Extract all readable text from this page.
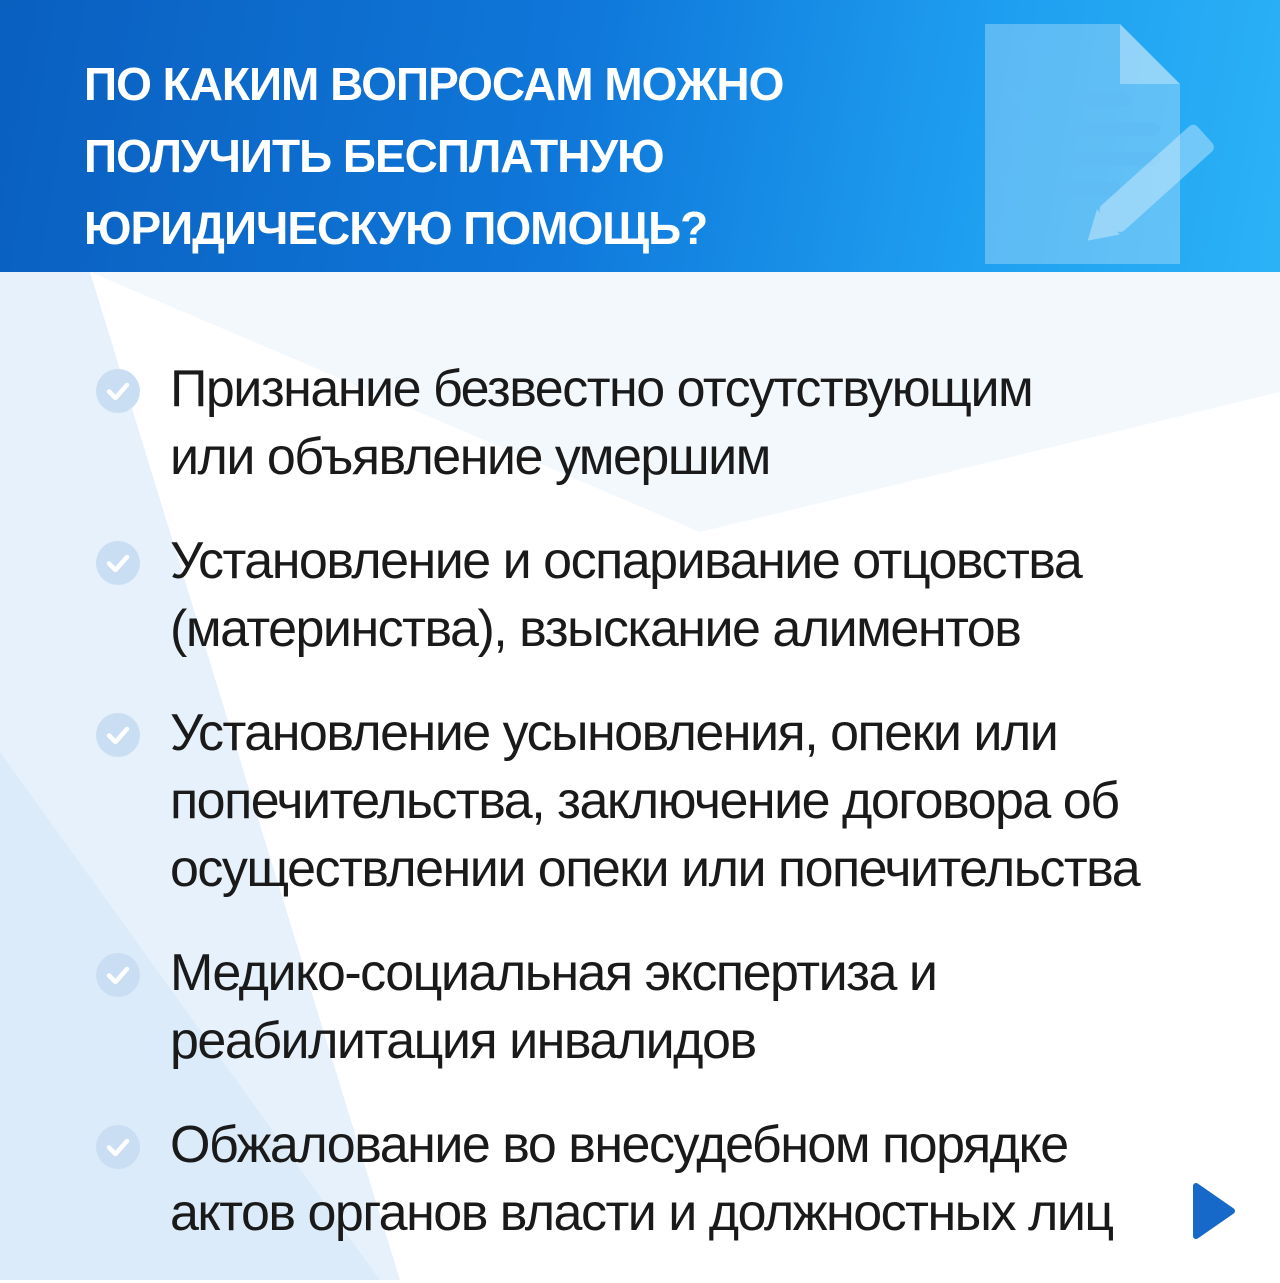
ПО КАКИМ ВОПРОСАМ МОЖНО
ПОЛУЧИТЬ БЕСПЛАТНУЮ
ЮРИДИЧЕСКУЮ ПОМОЩЬ?
Признание безвестно отсутствующим
или объявление умершим
Установление и оспаривание отцовства
(материнства), взыскание алиментов
Установление усыновления, опеки или
попечительства, заключение договора об
осуществлении опеки или попечительства
Медико-социальная экспертиза и
реабилитация инвалидов
Обжалование во внесудебном порядке
актов органов власти и должностных лиц
